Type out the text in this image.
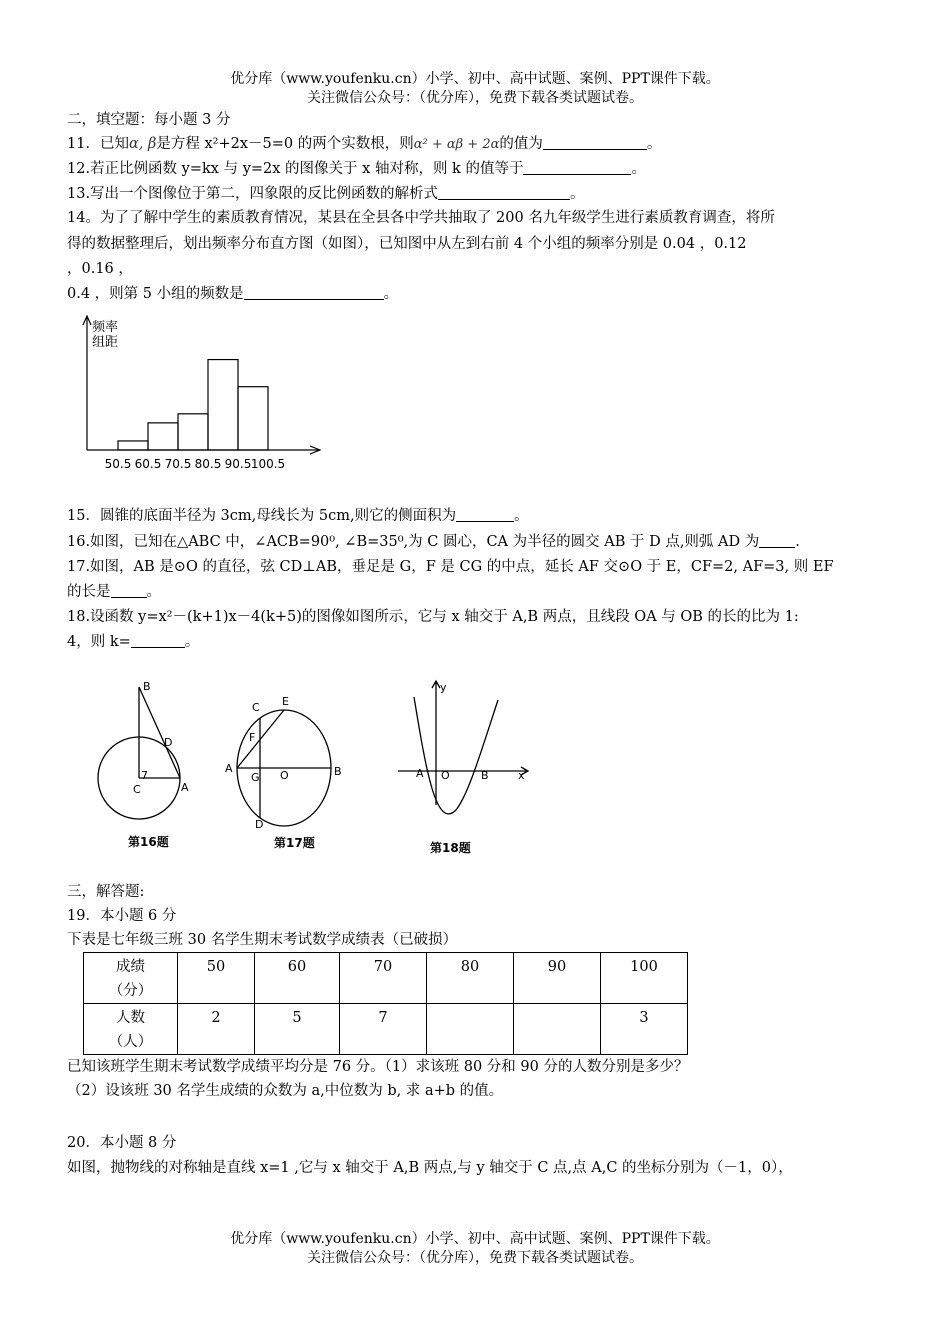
优分库（www.youfenku.cn）小学、初中、高中试题、案例、PPT课件下载。
关注微信公众号：（优分库），免费下载各类试题试卷。
二，填空题：每小题 3 分
11．已知α, β是方程 x²+2x－5=0 的两个实数根，则α² + αβ + 2α的值为	。
12.若正比例函数 y=kx 与 y=2x 的图像关于 x 轴对称，则 k 的值等于	。
13.写出一个图像位于第二，四象限的反比例函数的解析式	。
14。为了了解中学生的素质教育情况，某县在全县各中学共抽取了 200 名九年级学生进行素质教育调查，将所
得的数据整理后，划出频率分布直方图（如图），已知图中从左到右前 4 个小组的频率分别是 0.04 ，0.12
，0.16 ，
0.4 ，则第 5 小组的频数是	。
频率
组距
50.5 60.5 70.5 80.5 90.5 100.5
15．圆锥的底面半径为 3cm,母线长为 5cm,则它的侧面积为	。
16.如图，已知在△ABC 中，∠ACB=90⁰, ∠B=35⁰,为 C 圆心，CA 为半径的圆交 AB 于 D 点,则弧 AD 为 .
17.如图，AB 是⊙O 的直径，弦 CD⊥AB，垂足是 G，F 是 CG 的中点，延长 AF 交⊙O 于 E，CF=2, AF=3, 则 EF
的长是 。
18.设函数 y=x²－(k+1)x－4(k+5)的图像如图所示，它与 x 轴交于 A,B 两点，且线段 OA 与 OB 的长的比为 1:
4，则 k=	。
B
D
7
C	A
第16题
C E
F
A
G O	B
D
第17题
y
A O	B	x
第18题
三，解答题:
19．本小题 6 分
下表是七年级三班 30 名学生期末考试数学成绩表（已破损）
成绩
（分）	50	60	70	80	90	100
人数
（人）	2	5	7			3
已知该班学生期末考试数学成绩平均分是 76 分。（1）求该班 80 分和 90 分的人数分别是多少？
（2）设该班 30 名学生成绩的众数为 a,中位数为 b, 求 a+b 的值。
20．本小题 8 分
如图，抛物线的对称轴是直线 x=1 ,它与 x 轴交于 A,B 两点,与 y 轴交于 C 点,点 A,C 的坐标分别为（－1，0），
优分库（www.youfenku.cn）小学、初中、高中试题、案例、PPT课件下载。
关注微信公众号：（优分库），免费下载各类试题试卷。
